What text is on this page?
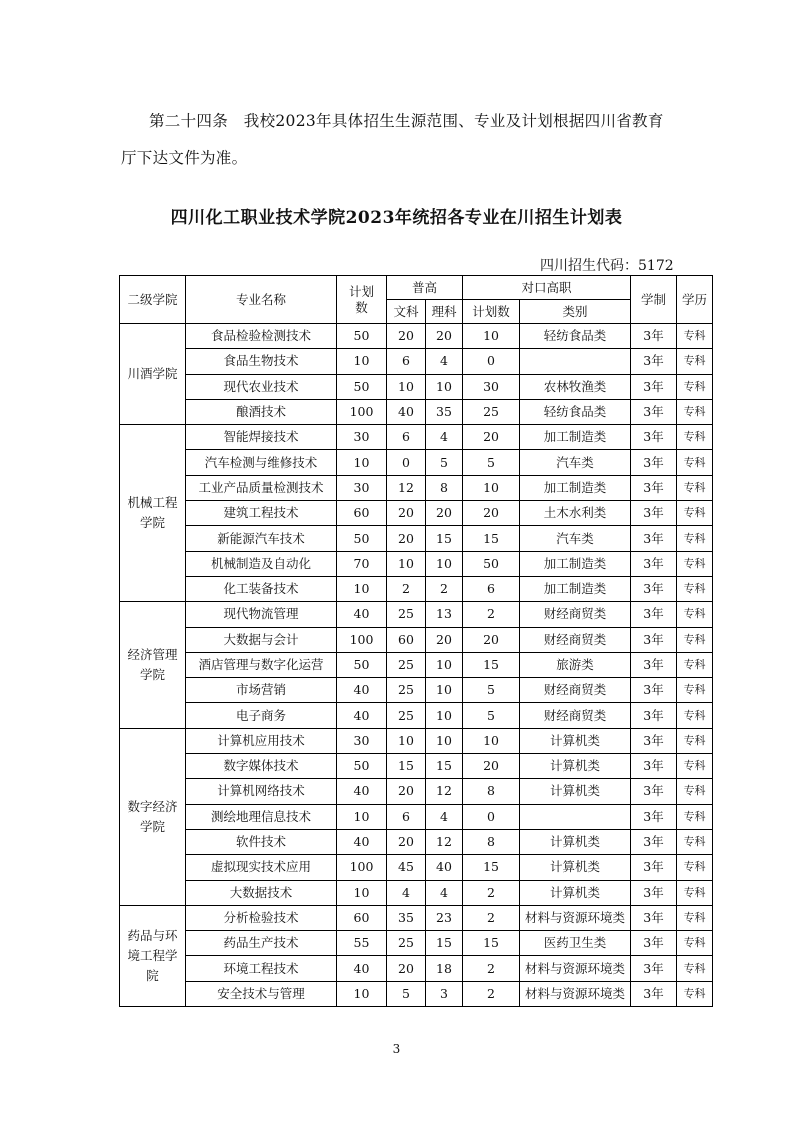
第二十四条　我校2023年具体招生生源范围、专业及计划根据四川省教育
厅下达文件为准。
四川化工职业技术学院2023年统招各专业在川招生计划表
四川招生代码：5172
二级学院	专业名称	计划数	普高		对口高职		学制	学历
			文科	理科	计划数	类别		
川酒学院	食品检验检测技术	50	20	20	10	轻纺食品类	3年	专科
	食品生物技术	10	6	4	0		3年	专科
	现代农业技术	50	10	10	30	农林牧渔类	3年	专科
	酿酒技术	100	40	35	25	轻纺食品类	3年	专科
机械工程学院	智能焊接技术	30	6	4	20	加工制造类	3年	专科
	汽车检测与维修技术	10	0	5	5	汽车类	3年	专科
	工业产品质量检测技术	30	12	8	10	加工制造类	3年	专科
	建筑工程技术	60	20	20	20	土木水利类	3年	专科
	新能源汽车技术	50	20	15	15	汽车类	3年	专科
	机械制造及自动化	70	10	10	50	加工制造类	3年	专科
	化工装备技术	10	2	2	6	加工制造类	3年	专科
经济管理学院	现代物流管理	40	25	13	2	财经商贸类	3年	专科
	大数据与会计	100	60	20	20	财经商贸类	3年	专科
	酒店管理与数字化运营	50	25	10	15	旅游类	3年	专科
	市场营销	40	25	10	5	财经商贸类	3年	专科
	电子商务	40	25	10	5	财经商贸类	3年	专科
数字经济学院	计算机应用技术	30	10	10	10	计算机类	3年	专科
	数字媒体技术	50	15	15	20	计算机类	3年	专科
	计算机网络技术	40	20	12	8	计算机类	3年	专科
	测绘地理信息技术	10	6	4	0		3年	专科
	软件技术	40	20	12	8	计算机类	3年	专科
	虚拟现实技术应用	100	45	40	15	计算机类	3年	专科
	大数据技术	10	4	4	2	计算机类	3年	专科
药品与环境工程学院	分析检验技术	60	35	23	2	材料与资源环境类	3年	专科
	药品生产技术	55	25	15	15	医药卫生类	3年	专科
	环境工程技术	40	20	18	2	材料与资源环境类	3年	专科
	安全技术与管理	10	5	3	2	材料与资源环境类	3年	专科
3
